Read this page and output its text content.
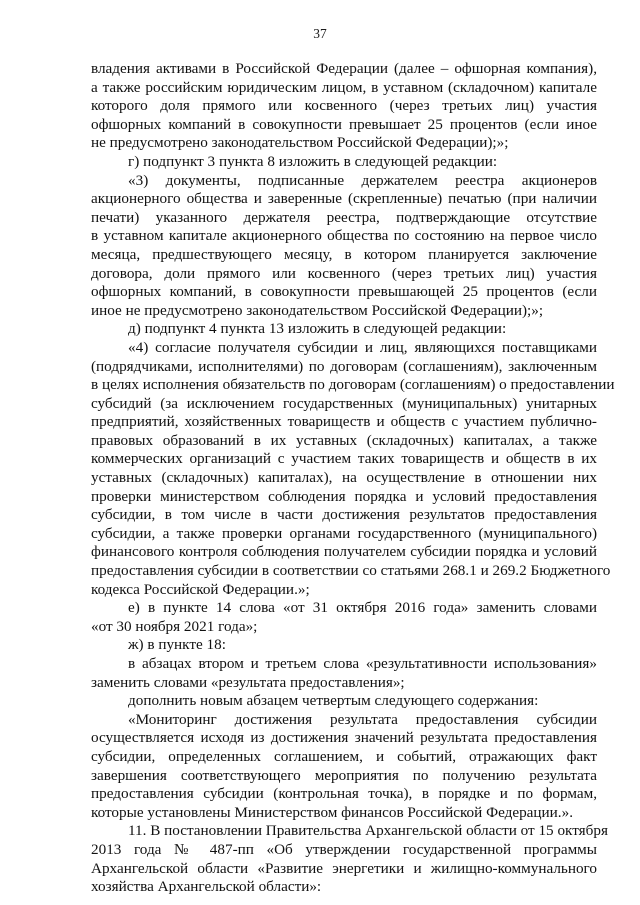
37
владения активами в Российской Федерации (далее – офшорная компания),
а также российским юридическим лицом, в уставном (складочном) капитале
которого доля прямого или косвенного (через третьих лиц) участия
офшорных компаний в совокупности превышает 25 процентов (если иное
не предусмотрено законодательством Российской Федерации);»;
г) подпункт 3 пункта 8 изложить в следующей редакции:
«3) документы, подписанные держателем реестра акционеров
акционерного общества и заверенные (скрепленные) печатью (при наличии
печати) указанного держателя реестра, подтверждающие отсутствие
в уставном капитале акционерного общества по состоянию на первое число
месяца, предшествующего месяцу, в котором планируется заключение
договора, доли прямого или косвенного (через третьих лиц) участия
офшорных компаний, в совокупности превышающей 25 процентов (если
иное не предусмотрено законодательством Российской Федерации);»;
д) подпункт 4 пункта 13 изложить в следующей редакции:
«4) согласие получателя субсидии и лиц, являющихся поставщиками
(подрядчиками, исполнителями) по договорам (соглашениям), заключенным
в целях исполнения обязательств по договорам (соглашениям) о предоставлении
субсидий (за исключением государственных (муниципальных) унитарных
предприятий, хозяйственных товариществ и обществ с участием публично-
правовых образований в их уставных (складочных) капиталах, а также
коммерческих организаций с участием таких товариществ и обществ в их
уставных (складочных) капиталах), на осуществление в отношении них
проверки министерством соблюдения порядка и условий предоставления
субсидии, в том числе в части достижения результатов предоставления
субсидии, а также проверки органами государственного (муниципального)
финансового контроля соблюдения получателем субсидии порядка и условий
предоставления субсидии в соответствии со статьями 268.1 и 269.2 Бюджетного
кодекса Российской Федерации.»;
е) в пункте 14 слова «от 31 октября 2016 года» заменить словами
«от 30 ноября 2021 года»;
ж) в пункте 18:
в абзацах втором и третьем слова «результативности использования»
заменить словами «результата предоставления»;
дополнить новым абзацем четвертым следующего содержания:
«Мониторинг достижения результата предоставления субсидии
осуществляется исходя из достижения значений результата предоставления
субсидии, определенных соглашением, и событий, отражающих факт
завершения соответствующего мероприятия по получению результата
предоставления субсидии (контрольная точка), в порядке и по формам,
которые установлены Министерством финансов Российской Федерации.».
11. В постановлении Правительства Архангельской области от 15 октября
2013 года № 487-пп «Об утверждении государственной программы
Архангельской области «Развитие энергетики и жилищно-коммунального
хозяйства Архангельской области»:
